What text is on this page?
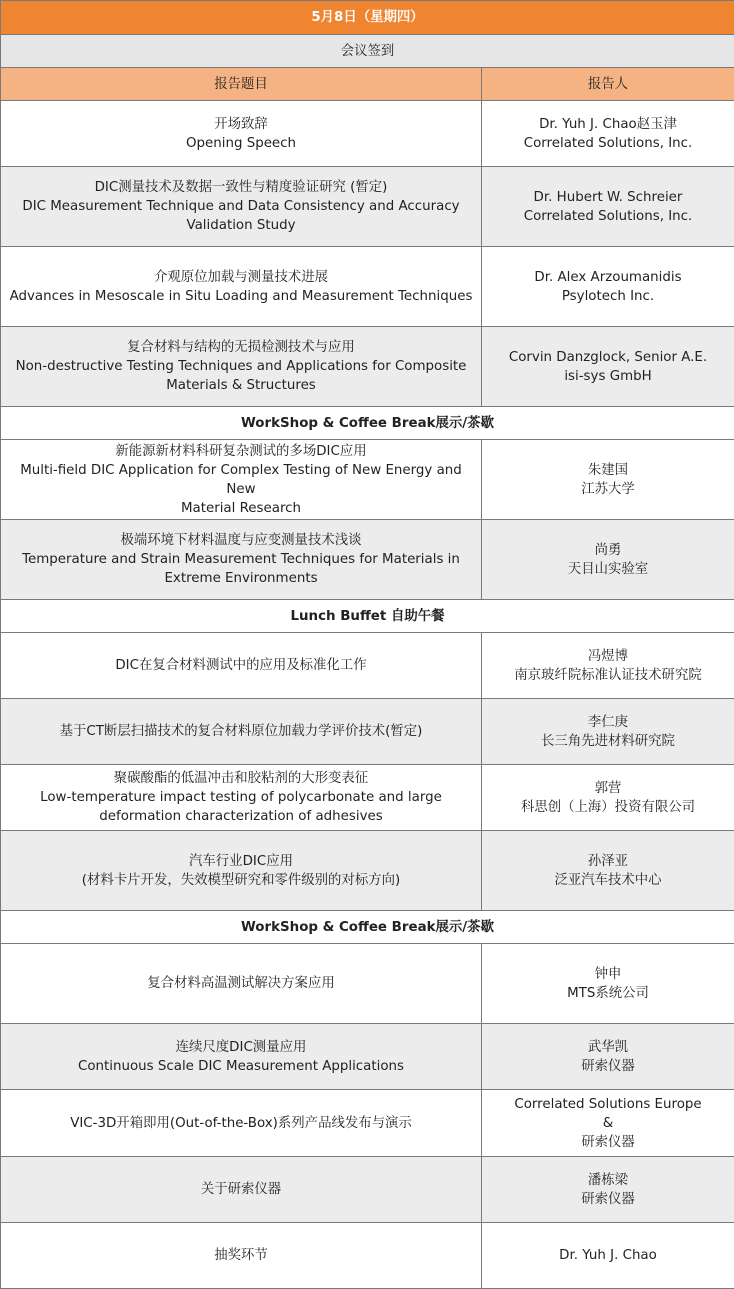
5月8日（星期四）	
会议签到	
报告题目	报告人

开场致辞
Opening Speech	Dr. Yuh J. Chao赵玉津
Correlated Solutions, Inc.

DIC测量技术及数据一致性与精度验证研究 (暂定)
DIC Measurement Technique and Data Consistency and Accuracy
Validation Study	Dr. Hubert W. Schreier
Correlated Solutions, Inc.

介观原位加载与测量技术进展
Advances in Mesoscale in Situ Loading and Measurement Techniques	Dr. Alex Arzoumanidis
Psylotech Inc.

复合材料与结构的无损检测技术与应用
Non-destructive Testing Techniques and Applications for Composite
Materials & Structures	Corvin Danzglock, Senior A.E.
isi-sys GmbH

WorkShop & Coffee Break展示/茶歇	

新能源新材料科研复杂测试的多场DIC应用
Multi-field DIC Application for Complex Testing of New Energy and New
Material Research	朱建国
江苏大学

极端环境下材料温度与应变测量技术浅谈
Temperature and Strain Measurement Techniques for Materials in
Extreme Environments	尚勇
天目山实验室

Lunch Buffet 自助午餐	

DIC在复合材料测试中的应用及标准化工作	冯煜博
南京玻纤院标准认证技术研究院

基于CT断层扫描技术的复合材料原位加载力学评价技术(暂定)	李仁庚
长三角先进材料研究院

聚碳酸酯的低温冲击和胶粘剂的大形变表征
Low-temperature impact testing of polycarbonate and large
deformation characterization of adhesives	郭营
科思创（上海）投资有限公司

汽车行业DIC应用
(材料卡片开发，失效模型研究和零件级别的对标方向)	孙泽亚
泛亚汽车技术中心

WorkShop & Coffee Break展示/茶歇	

复合材料高温测试解决方案应用	钟申
MTS系统公司

连续尺度DIC测量应用
Continuous Scale DIC Measurement Applications	武华凯
研索仪器

VIC-3D开箱即用(Out-of-the-Box)系列产品线发布与演示	Correlated Solutions Europe
&
研索仪器

关于研索仪器	潘栋梁
研索仪器

抽奖环节	Dr. Yuh J. Chao
